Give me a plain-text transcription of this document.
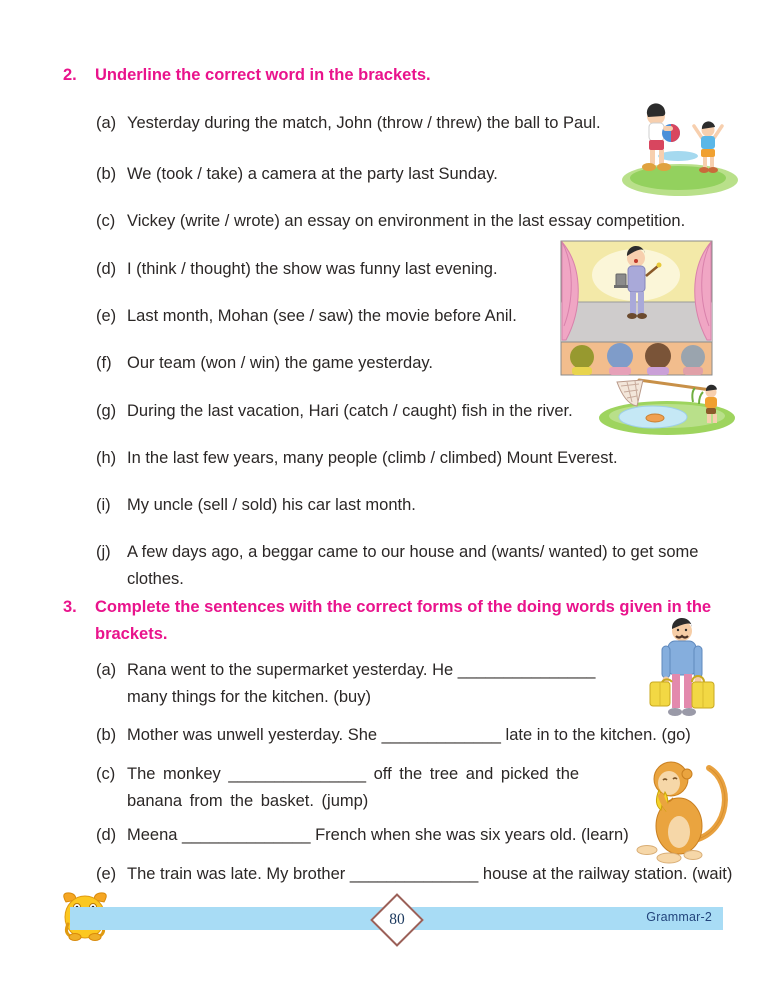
2.	Underline the correct word in the brackets.
(a) Yesterday during the match, John (throw / threw) the ball to Paul.
(b) We (took / take) a camera at the party last Sunday.
(c) Vickey (write / wrote) an essay on environment in the last essay competition.
(d) I (think / thought) the show was funny last evening.
(e) Last month, Mohan (see / saw) the movie before Anil.
(f) Our team (won / win) the game yesterday.
(g) During the last vacation, Hari (catch / caught) fish in the river.
(h) In the last few years, many people (climb / climbed) Mount Everest.
(i) My uncle (sell / sold) his car last month.
(j) A few days ago, a beggar came to our house and (wants/ wanted) to get some clothes.
3.	Complete the sentences with the correct forms of the doing words given in the brackets.
(a) Rana went to the supermarket yesterday. He _______________ many things for the kitchen. (buy)
(b) Mother was unwell yesterday. She _____________ late in to the kitchen. (go)
(c) The monkey _______________ off the tree and picked the banana from the basket. (jump)
(d) Meena ______________ French when she was six years old. (learn)
(e) The train was late. My brother ______________ house at the railway station. (wait)
80	Grammar-2
